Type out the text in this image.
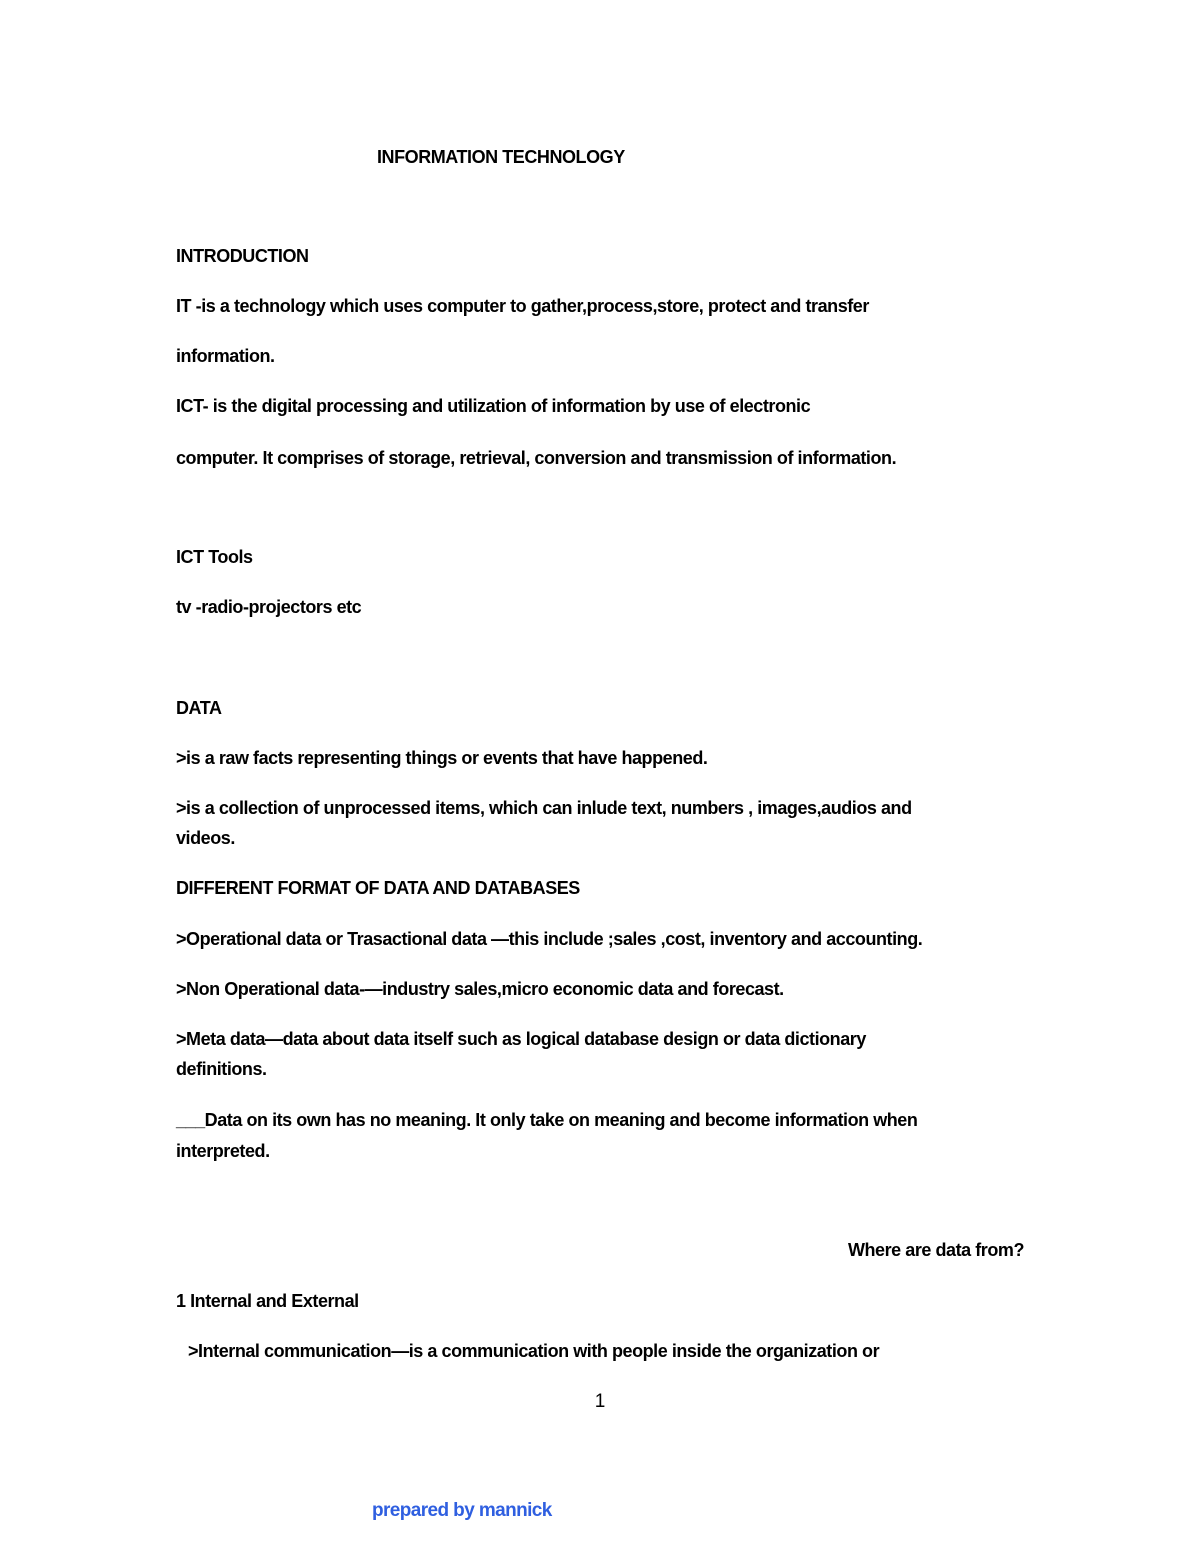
INFORMATION TECHNOLOGY
INTRODUCTION
IT -is a technology which uses computer to gather,process,store, protect and transfer
information.
ICT- is the digital processing and utilization of information by use of electronic
computer. It comprises of storage, retrieval, conversion and transmission of information.
ICT Tools
tv -radio-projectors etc
DATA
>is a raw facts representing things or events that have happened.
>is a collection of unprocessed items, which can inlude text, numbers , images,audios and
videos.
DIFFERENT FORMAT OF DATA AND DATABASES
>Operational data or Trasactional data —this include ;sales ,cost, inventory and accounting.
>Non Operational data-—industry sales,micro economic data and forecast.
>Meta data—data about data itself such as logical database design or data dictionary
definitions.
___Data on its own has no meaning. It only take on meaning and become information when
interpreted.
Where are data from?
1 Internal and External
>Internal communication—is a communication with people inside the organization or
1
prepared by mannick
